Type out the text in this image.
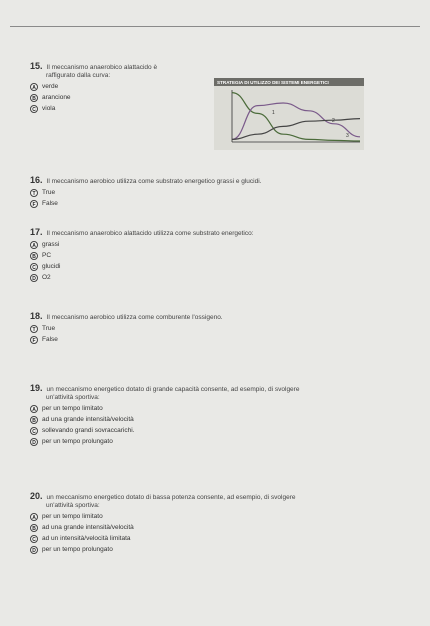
15. Il meccanismo anaerobico alattacido è
raffigurato dalla curva:
A verde
B arancione
C viola
STRATEGIA DI UTILIZZO DEI SISTEMI ENERGETICI
1
2
3
16. Il meccanismo aerobico utilizza come substrato energetico grassi e glucidi.
T True
F False
17. Il meccanismo anaerobico alattacido utilizza come substrato energetico:
A grassi
B PC
C glucidi
D O2
18. Il meccanismo aerobico utilizza come comburente l'ossigeno.
T True
F False
19. un meccanismo energetico dotato di grande capacità consente, ad esempio, di svolgere
un'attività sportiva:
A per un tempo limitato
B ad una grande intensità/velocità
C sollevando grandi sovraccarichi.
D per un tempo prolungato
20. un meccanismo energetico dotato di bassa potenza consente, ad esempio, di svolgere
un'attività sportiva:
A per un tempo limitato
B ad una grande intensità/velocità
C ad un intensità/velocità limitata
D per un tempo prolungato
